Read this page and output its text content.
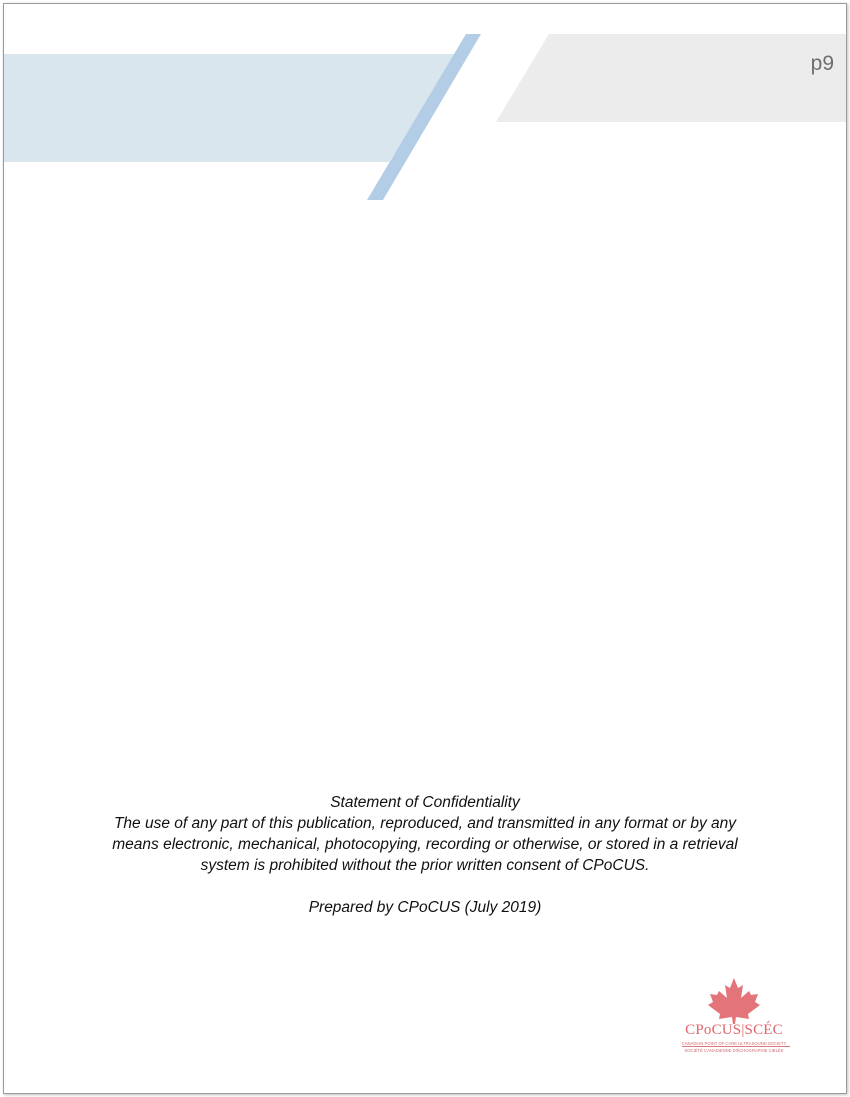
p9

Statement of Confidentiality

The use of any part of this publication, reproduced, and transmitted in any format or by any

means electronic, mechanical, photocopying, recording or otherwise, or stored in a retrieval

system is prohibited without the prior written consent of CPoCUS.

Prepared by CPoCUS (July 2019)

CPoCUS|SCÉC
CANADIAN POINT OF CARE ULTRASOUND SOCIETY
SOCIÉTÉ CANADIENNE D'ÉCHOGRAPHIE CIBLÉE
